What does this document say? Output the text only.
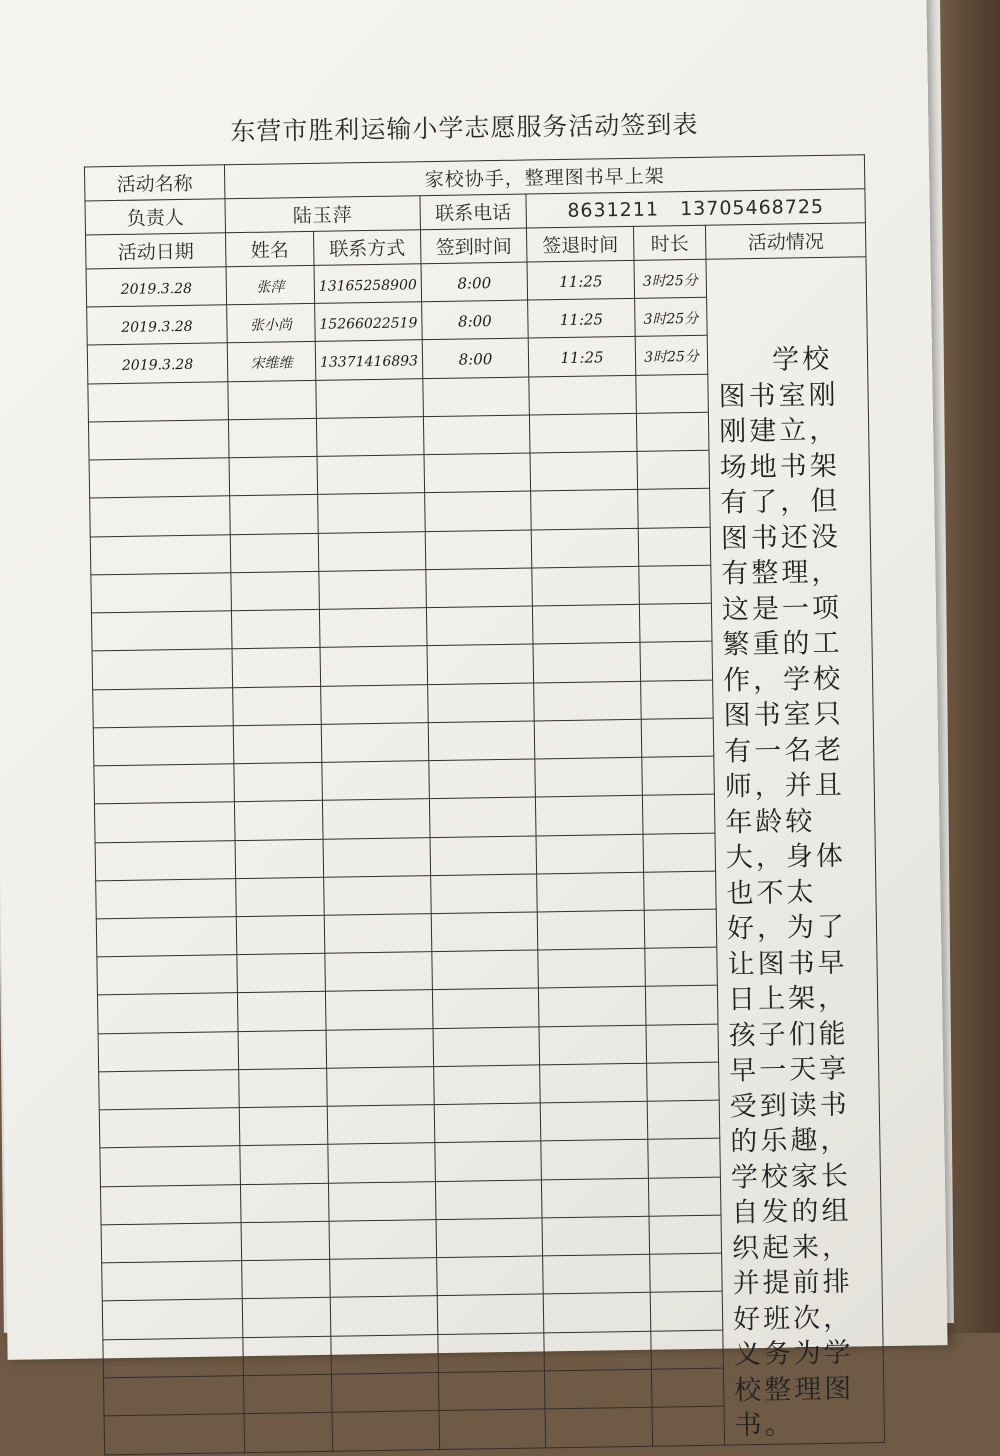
东营市胜利运输小学志愿服务活动签到表
活动名称	家校协手，整理图书早上架					
负责人	陆玉萍		联系电话	8631211   13705468725		
活动日期	姓名	联系方式	签到时间	签退时间	时长	活动情况
2019.3.28	张萍	13165258900	8:00	11:25	3时25分	学校图书室刚刚建立，场地书架有了，但图书还没有整理，这是一项繁重的工作，学校图书室只有一名老师，并且年龄较大，身体也不太好，为了让图书早日上架，孩子们能早一天享受到读书的乐趣，学校家长自发的组织起来，并提前排好班次，义务为学校整理图书。

2019.3.28	张小尚	15266022519	8:00	11:25	3时25分	
2019.3.28	宋维维	13371416893	8:00	11:25	3时25分	
